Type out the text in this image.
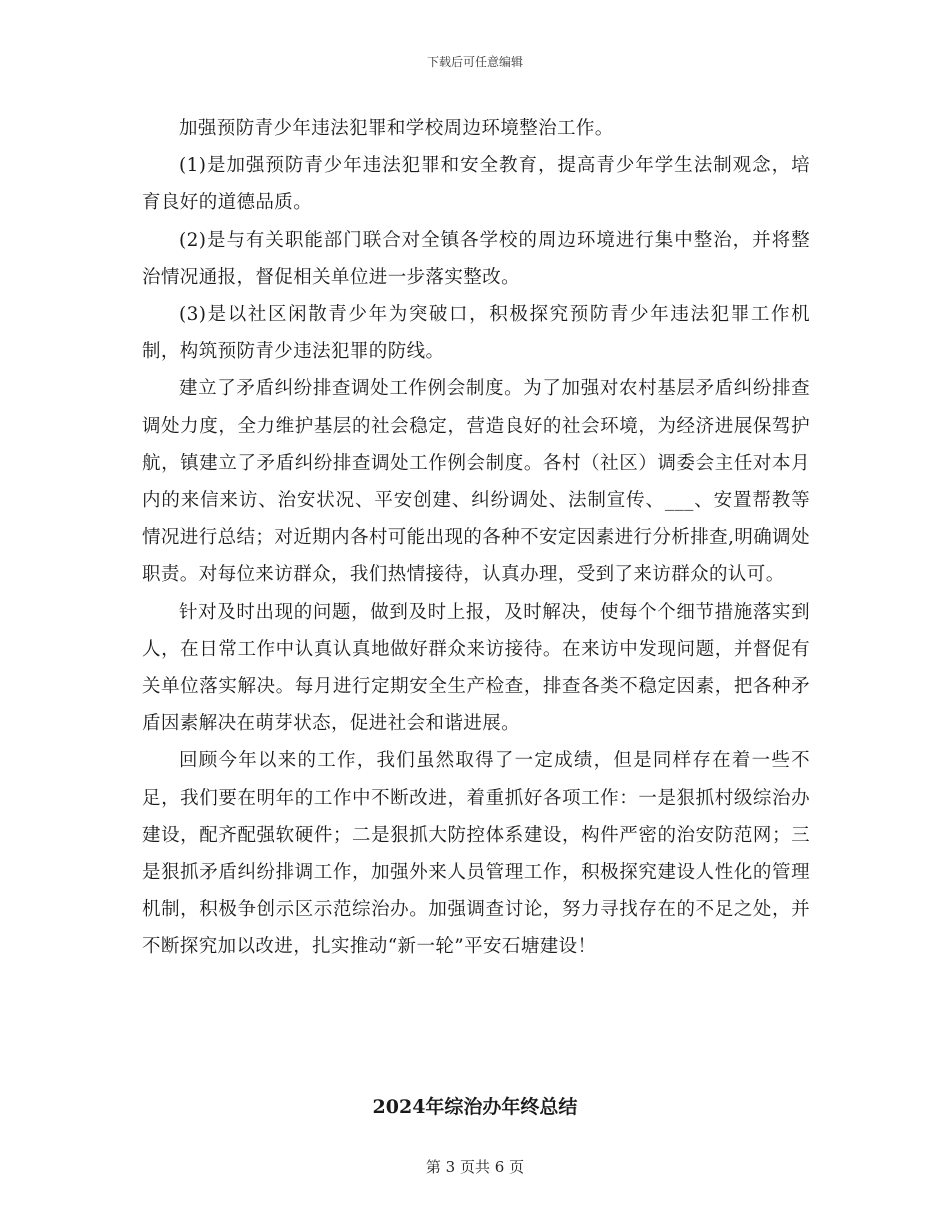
下载后可任意编辑

加强预防青少年违法犯罪和学校周边环境整治工作。

(1)是加强预防青少年违法犯罪和安全教育，提高青少年学生法制观念，培育良好的道德品质。

(2)是与有关职能部门联合对全镇各学校的周边环境进行集中整治，并将整治情况通报，督促相关单位进一步落实整改。

(3)是以社区闲散青少年为突破口，积极探究预防青少年违法犯罪工作机制，构筑预防青少违法犯罪的防线。

建立了矛盾纠纷排查调处工作例会制度。为了加强对农村基层矛盾纠纷排查调处力度，全力维护基层的社会稳定，营造良好的社会环境，为经济进展保驾护航，镇建立了矛盾纠纷排查调处工作例会制度。各村（社区）调委会主任对本月内的来信来访、治安状况、平安创建、纠纷调处、法制宣传、___、安置帮教等情况进行总结；对近期内各村可能出现的各种不安定因素进行分析排查,明确调处职责。对每位来访群众，我们热情接待，认真办理，受到了来访群众的认可。

针对及时出现的问题，做到及时上报，及时解决，使每个个细节措施落实到人，在日常工作中认真认真地做好群众来访接待。在来访中发现问题，并督促有关单位落实解决。每月进行定期安全生产检查，排查各类不稳定因素，把各种矛盾因素解决在萌芽状态，促进社会和谐进展。

回顾今年以来的工作，我们虽然取得了一定成绩，但是同样存在着一些不足，我们要在明年的工作中不断改进，着重抓好各项工作：一是狠抓村级综治办建设，配齐配强软硬件；二是狠抓大防控体系建设，构件严密的治安防范网；三是狠抓矛盾纠纷排调工作，加强外来人员管理工作，积极探究建设人性化的管理机制，积极争创示区示范综治办。加强调查讨论，努力寻找存在的不足之处，并不断探究加以改进，扎实推动“新一轮”平安石塘建设！

2024年综治办年终总结
第 3 页共 6 页
